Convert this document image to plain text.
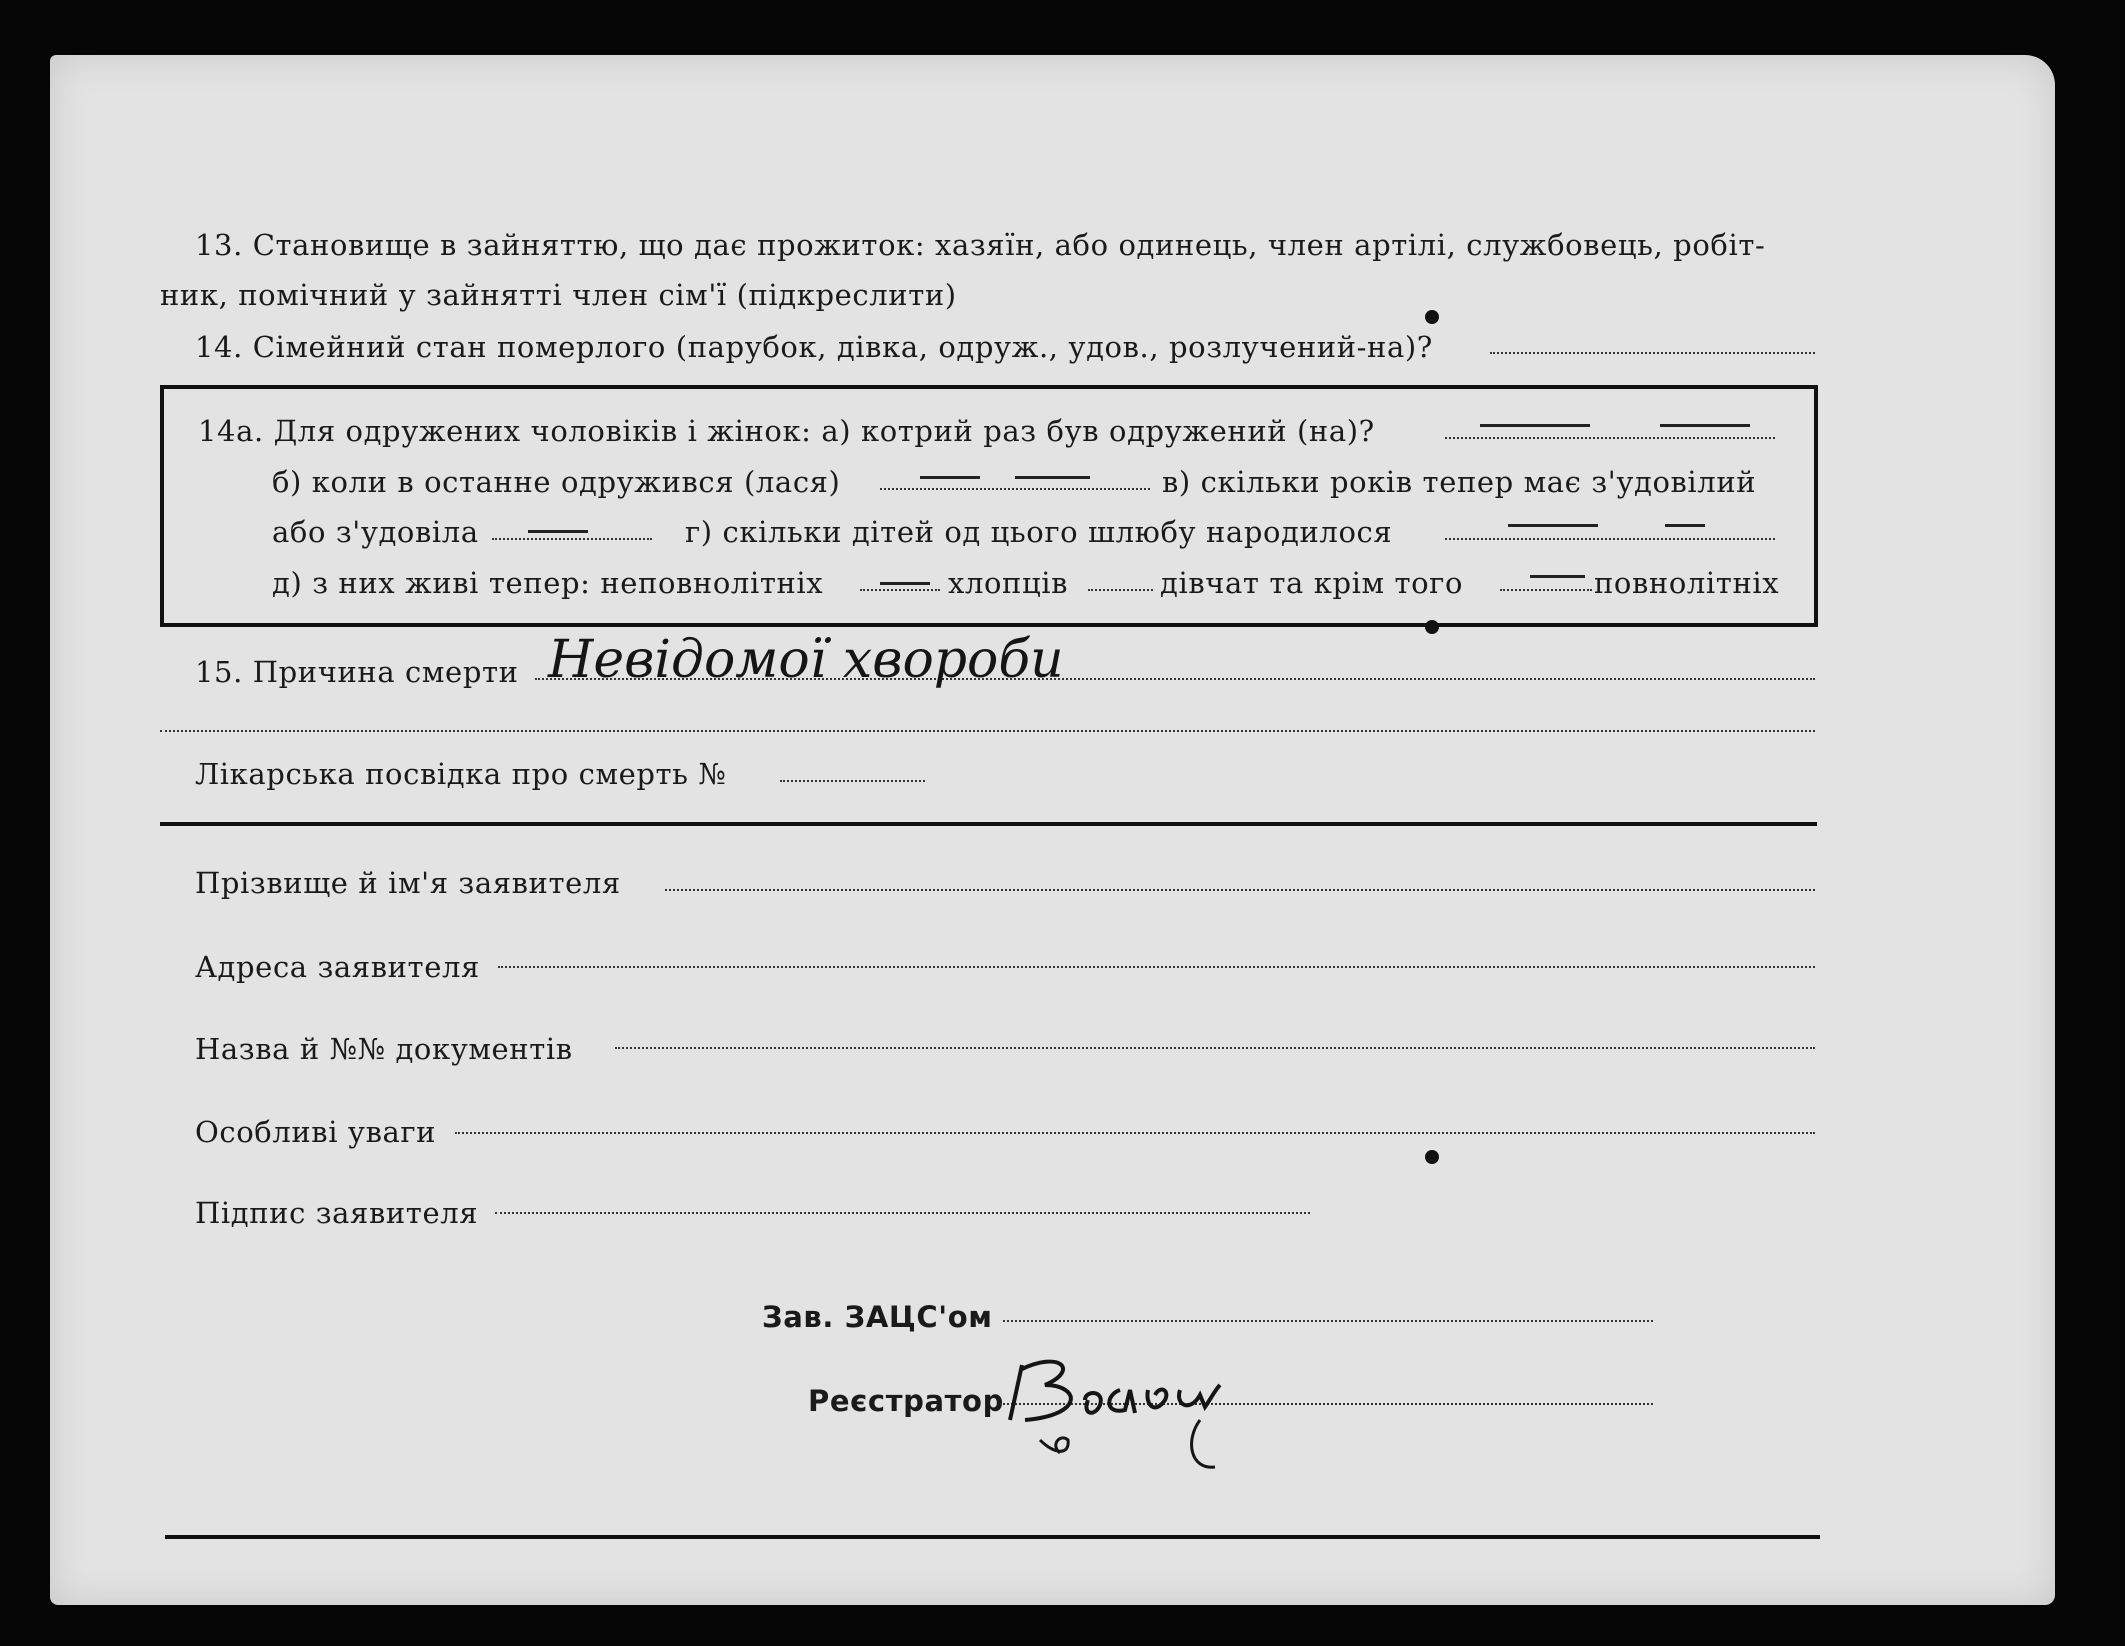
13. Становище в зайняттю, що дає прожиток: хазяїн, або одинець, член артілі, службовець, робіт-
ник, помічний у зайнятті член сім'ї (підкреслити)
14. Сімейний стан померлого (парубок, дівка, одруж., удов., розлучений-на)?
14а. Для одружених чоловіків і жінок: а) котрий раз був одружений (на)?
б) коли в останне одружився (лася)	в) скільки років тепер має з'удовілий
або з'удовіла	г) скільки дітей од цього шлюбу народилося
д) з них живі тепер: неповнолітніх	хлопців	дівчат та крім того	повнолітніх
15. Причина смерти Невідомої хвороби
Лікарська посвідка про смерть №
Прізвище й ім'я заявителя
Адреса заявителя
Назва й №№ документів
Особливі уваги
Підпис заявителя
Зав. ЗАЦС'ом
Реєстратор
